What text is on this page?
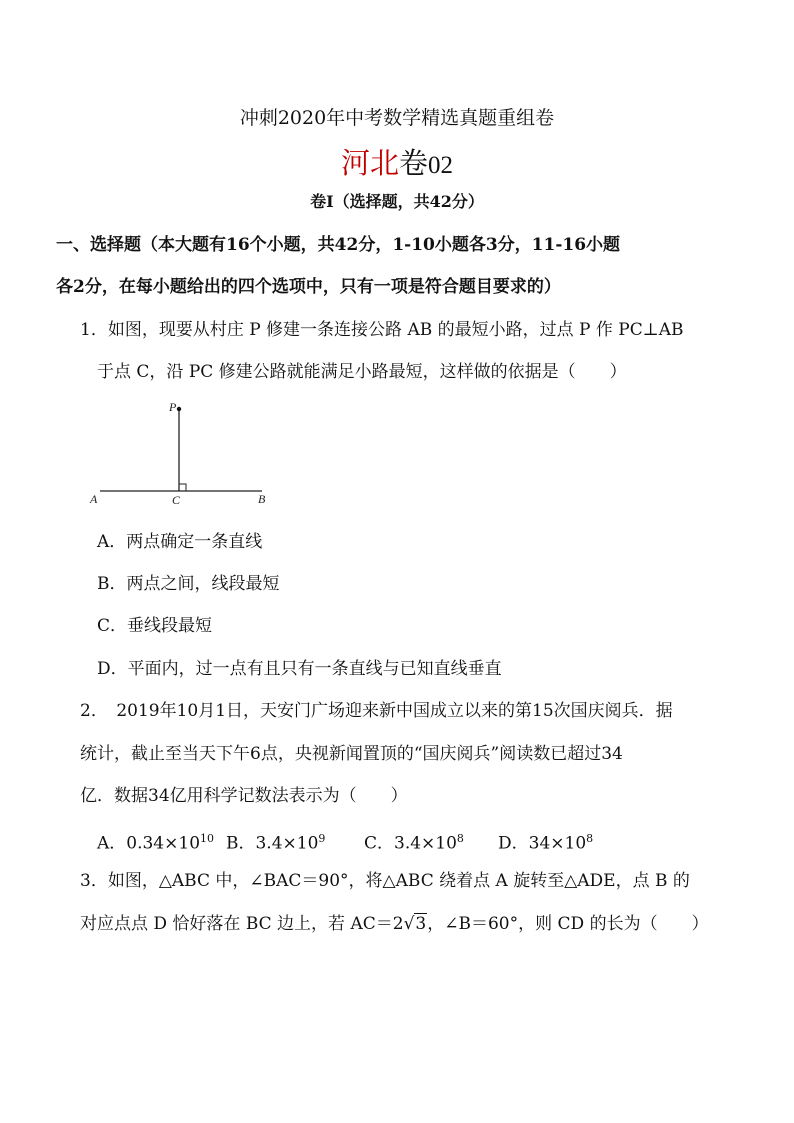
冲刺2020年中考数学精选真题重组卷
河北卷02
卷Ⅰ（选择题，共42分）
一、选择题（本大题有16个小题，共42分，1-10小题各3分，11-16小题
各2分，在每小题给出的四个选项中，只有一项是符合题目要求的）
1．如图，现要从村庄 P 修建一条连接公路 AB 的最短小路，过点 P 作 PC⊥AB
于点 C，沿 PC 修建公路就能满足小路最短，这样做的依据是（　　）
P
A	C	B
A．两点确定一条直线
B．两点之间，线段最短
C．垂线段最短
D．平面内，过一点有且只有一条直线与已知直线垂直
2．　2019年10月1日，天安门广场迎来新中国成立以来的第15次国庆阅兵．据
统计，截止至当天下午6点，央视新闻置顶的“国庆阅兵”阅读数已超过34
亿．数据34亿用科学记数法表示为（　　）
A．$0.34\times 10^{10}$ B．$3.4\times 10^9$ C．$3.4\times 10^8$ D．$34\times 10^8$
3．如图，△ABC 中，∠BAC＝90°，将△ABC 绕着点 A 旋转至△ADE，点 B 的
对应点点 D 恰好落在 BC 边上，若 AC＝2√3，∠B＝60°，则 CD 的长为（　　）
